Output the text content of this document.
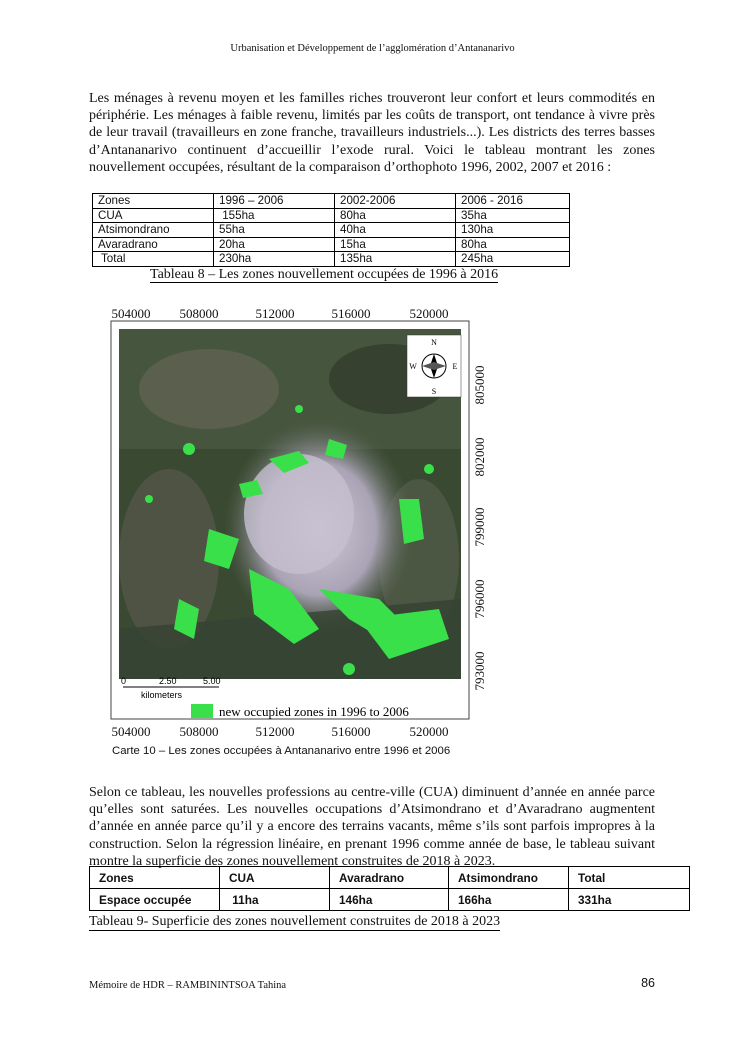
Urbanisation et Développement de l’agglomération d’Antananarivo

Les ménages à revenu moyen et les familles riches trouveront leur confort et leurs commodités en périphérie. Les ménages à faible revenu, limités par les coûts de transport, ont tendance à vivre près de leur travail (travailleurs en zone franche, travailleurs industriels...). Les districts des terres basses d’Antananarivo continuent d’accueillir l’exode rural. Voici le tableau montrant les zones nouvellement occupées, résultant de la comparaison d’orthophoto 1996, 2002, 2007 et 2016 :

Zones	1996 – 2006	2002-2006	2006 - 2016
CUA	155ha	80ha	35ha
Atsimondrano	55ha	40ha	130ha
Avaradrano	20ha	15ha	80ha
Total	230ha	135ha	245ha
Tableau 8 – Les zones nouvellement occupées de 1996 à 2016
N
S
E
W
0	2.50	5.00
kilometers
new occupied zones in 1996 to 2006
504000 508000	512000	516000	520000
504000 508000	512000	516000	520000
805000
802000
799000
796000
793000
Carte 10 – Les zones occupées à Antananarivo entre 1996 et 2006

Selon ce tableau, les nouvelles professions au centre-ville (CUA) diminuent d’année en année parce qu’elles sont saturées. Les nouvelles occupations d’Atsimondrano et d’Avaradrano augmentent d’année en année parce qu’il y a encore des terrains vacants, même s’ils sont parfois impropres à la construction. Selon la régression linéaire, en prenant 1996 comme année de base, le tableau suivant montre la superficie des zones nouvellement construites de 2018 à 2023.

Zones	CUA	Avaradrano	Atsimondrano	Total
Espace occupée	11ha	146ha	166ha	331ha
Tableau 9- Superficie des zones nouvellement construites de 2018 à 2023
Mémoire de HDR – RAMBININTSOA Tahina	86
